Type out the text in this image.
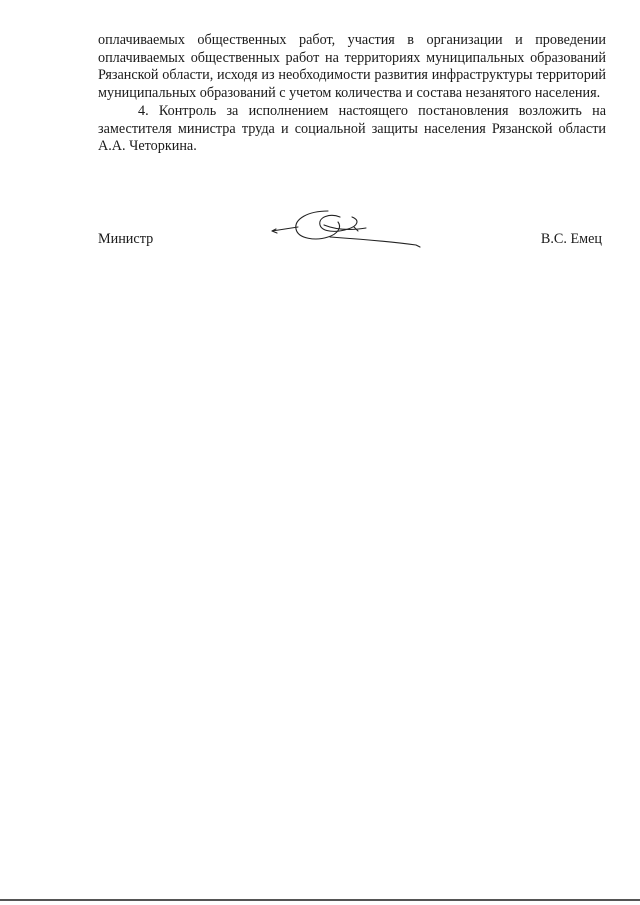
оплачиваемых общественных работ, участия в организации и проведении оплачиваемых общественных работ на территориях муниципальных образований Рязанской области, исходя из необходимости развития инфраструктуры территорий муниципальных образований с учетом количества и состава незанятого населения.

4. Контроль за исполнением настоящего постановления возложить на заместителя министра труда и социальной защиты населения Рязанской области А.А. Четоркина.

Министр	В.С. Емец
